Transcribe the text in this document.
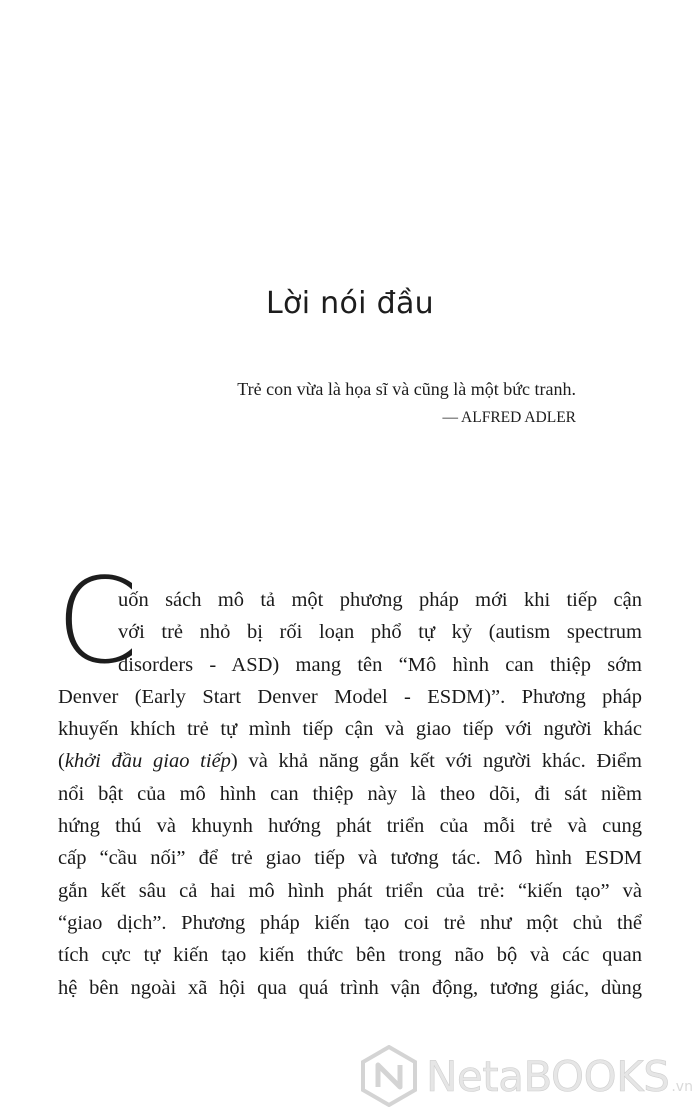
Lời nói đầu
Trẻ con vừa là họa sĩ và cũng là một bức tranh.
— ALFRED ADLER
C
uốn sách mô tả một phương pháp mới khi tiếp cận
với trẻ nhỏ bị rối loạn phổ tự kỷ (autism spectrum
disorders - ASD) mang tên “Mô hình can thiệp sớm
Denver (Early Start Denver Model - ESDM)”. Phương pháp
khuyến khích trẻ tự mình tiếp cận và giao tiếp với người khác
(khởi đầu giao tiếp) và khả năng gắn kết với người khác. Điểm
nổi bật của mô hình can thiệp này là theo dõi, đi sát niềm
hứng thú và khuynh hướng phát triển của mỗi trẻ và cung
cấp “cầu nối” để trẻ giao tiếp và tương tác. Mô hình ESDM
gắn kết sâu cả hai mô hình phát triển của trẻ: “kiến tạo” và
“giao dịch”. Phương pháp kiến tạo coi trẻ như một chủ thể
tích cực tự kiến tạo kiến thức bên trong não bộ và các quan
hệ bên ngoài xã hội qua quá trình vận động, tương giác, dùng
NetaBOOKS .vn
